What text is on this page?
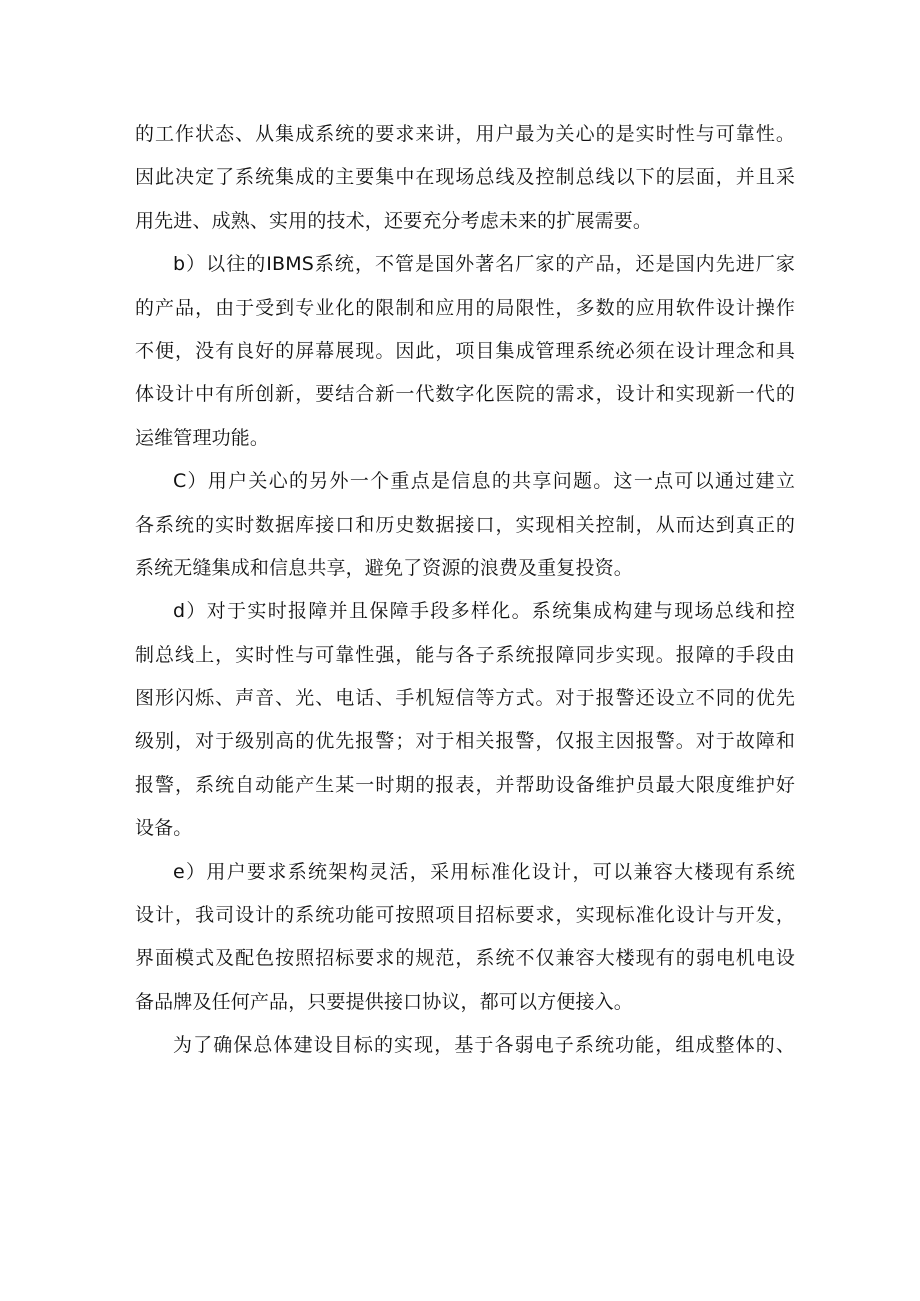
的工作状态、从集成系统的要求来讲，用户最为关心的是实时性与可靠性。
因此决定了系统集成的主要集中在现场总线及控制总线以下的层面，并且采
用先进、成熟、实用的技术，还要充分考虑未来的扩展需要。
b）以往的IBMS系统，不管是国外著名厂家的产品，还是国内先进厂家
的产品，由于受到专业化的限制和应用的局限性，多数的应用软件设计操作
不便，没有良好的屏幕展现。因此，项目集成管理系统必须在设计理念和具
体设计中有所创新，要结合新一代数字化医院的需求，设计和实现新一代的
运维管理功能。
C）用户关心的另外一个重点是信息的共享问题。这一点可以通过建立
各系统的实时数据库接口和历史数据接口，实现相关控制，从而达到真正的
系统无缝集成和信息共享，避免了资源的浪费及重复投资。
d）对于实时报障并且保障手段多样化。系统集成构建与现场总线和控
制总线上，实时性与可靠性强，能与各子系统报障同步实现。报障的手段由
图形闪烁、声音、光、电话、手机短信等方式。对于报警还设立不同的优先
级别，对于级别高的优先报警；对于相关报警，仅报主因报警。对于故障和
报警，系统自动能产生某一时期的报表，并帮助设备维护员最大限度维护好
设备。
e）用户要求系统架构灵活，采用标准化设计，可以兼容大楼现有系统
设计，我司设计的系统功能可按照项目招标要求，实现标准化设计与开发，
界面模式及配色按照招标要求的规范，系统不仅兼容大楼现有的弱电机电设
备品牌及任何产品，只要提供接口协议，都可以方便接入。
为了确保总体建设目标的实现，基于各弱电子系统功能，组成整体的、
